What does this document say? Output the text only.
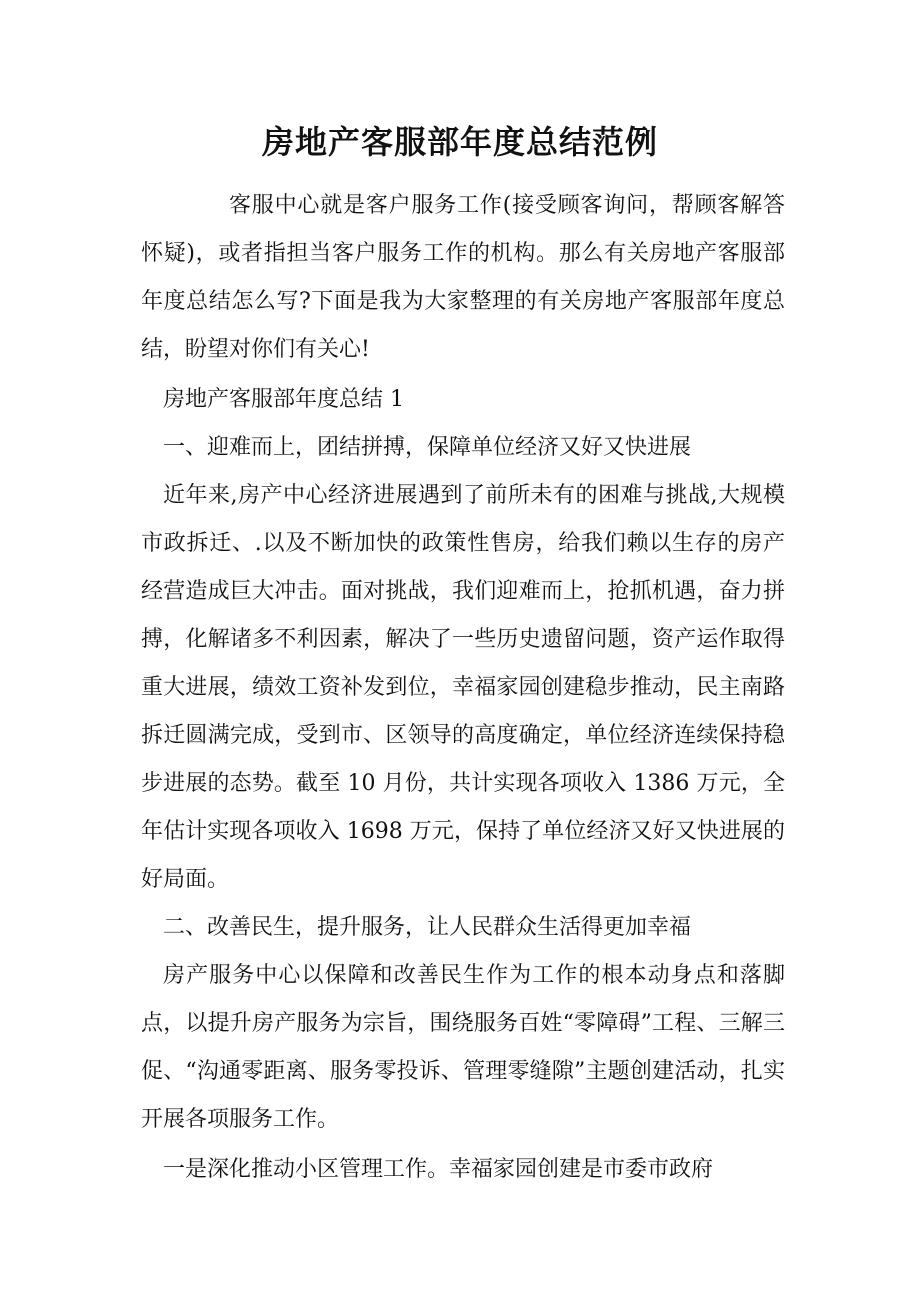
房地产客服部年度总结范例

客服中心就是客户服务工作(接受顾客询问，帮顾客解答怀疑)，或者指担当客户服务工作的机构。那么有关房地产客服部年度总结怎么写?下面是我为大家整理的有关房地产客服部年度总结，盼望对你们有关心!

房地产客服部年度总结 1

一、迎难而上，团结拼搏，保障单位经济又好又快进展

近年来,房产中心经济进展遇到了前所未有的困难与挑战,大规模市政拆迁、.以及不断加快的政策性售房，给我们赖以生存的房产经营造成巨大冲击。面对挑战，我们迎难而上，抢抓机遇，奋力拼搏，化解诸多不利因素，解决了一些历史遗留问题，资产运作取得重大进展，绩效工资补发到位，幸福家园创建稳步推动，民主南路拆迁圆满完成，受到市、区领导的高度确定，单位经济连续保持稳步进展的态势。截至 10 月份，共计实现各项收入 1386 万元，全年估计实现各项收入 1698 万元，保持了单位经济又好又快进展的好局面。

二、改善民生，提升服务，让人民群众生活得更加幸福

房产服务中心以保障和改善民生作为工作的根本动身点和落脚点，以提升房产服务为宗旨，围绕服务百姓“零障碍”工程、三解三促、“沟通零距离、服务零投诉、管理零缝隙”主题创建活动，扎实开展各项服务工作。

一是深化推动小区管理工作。幸福家园创建是市委市政府
